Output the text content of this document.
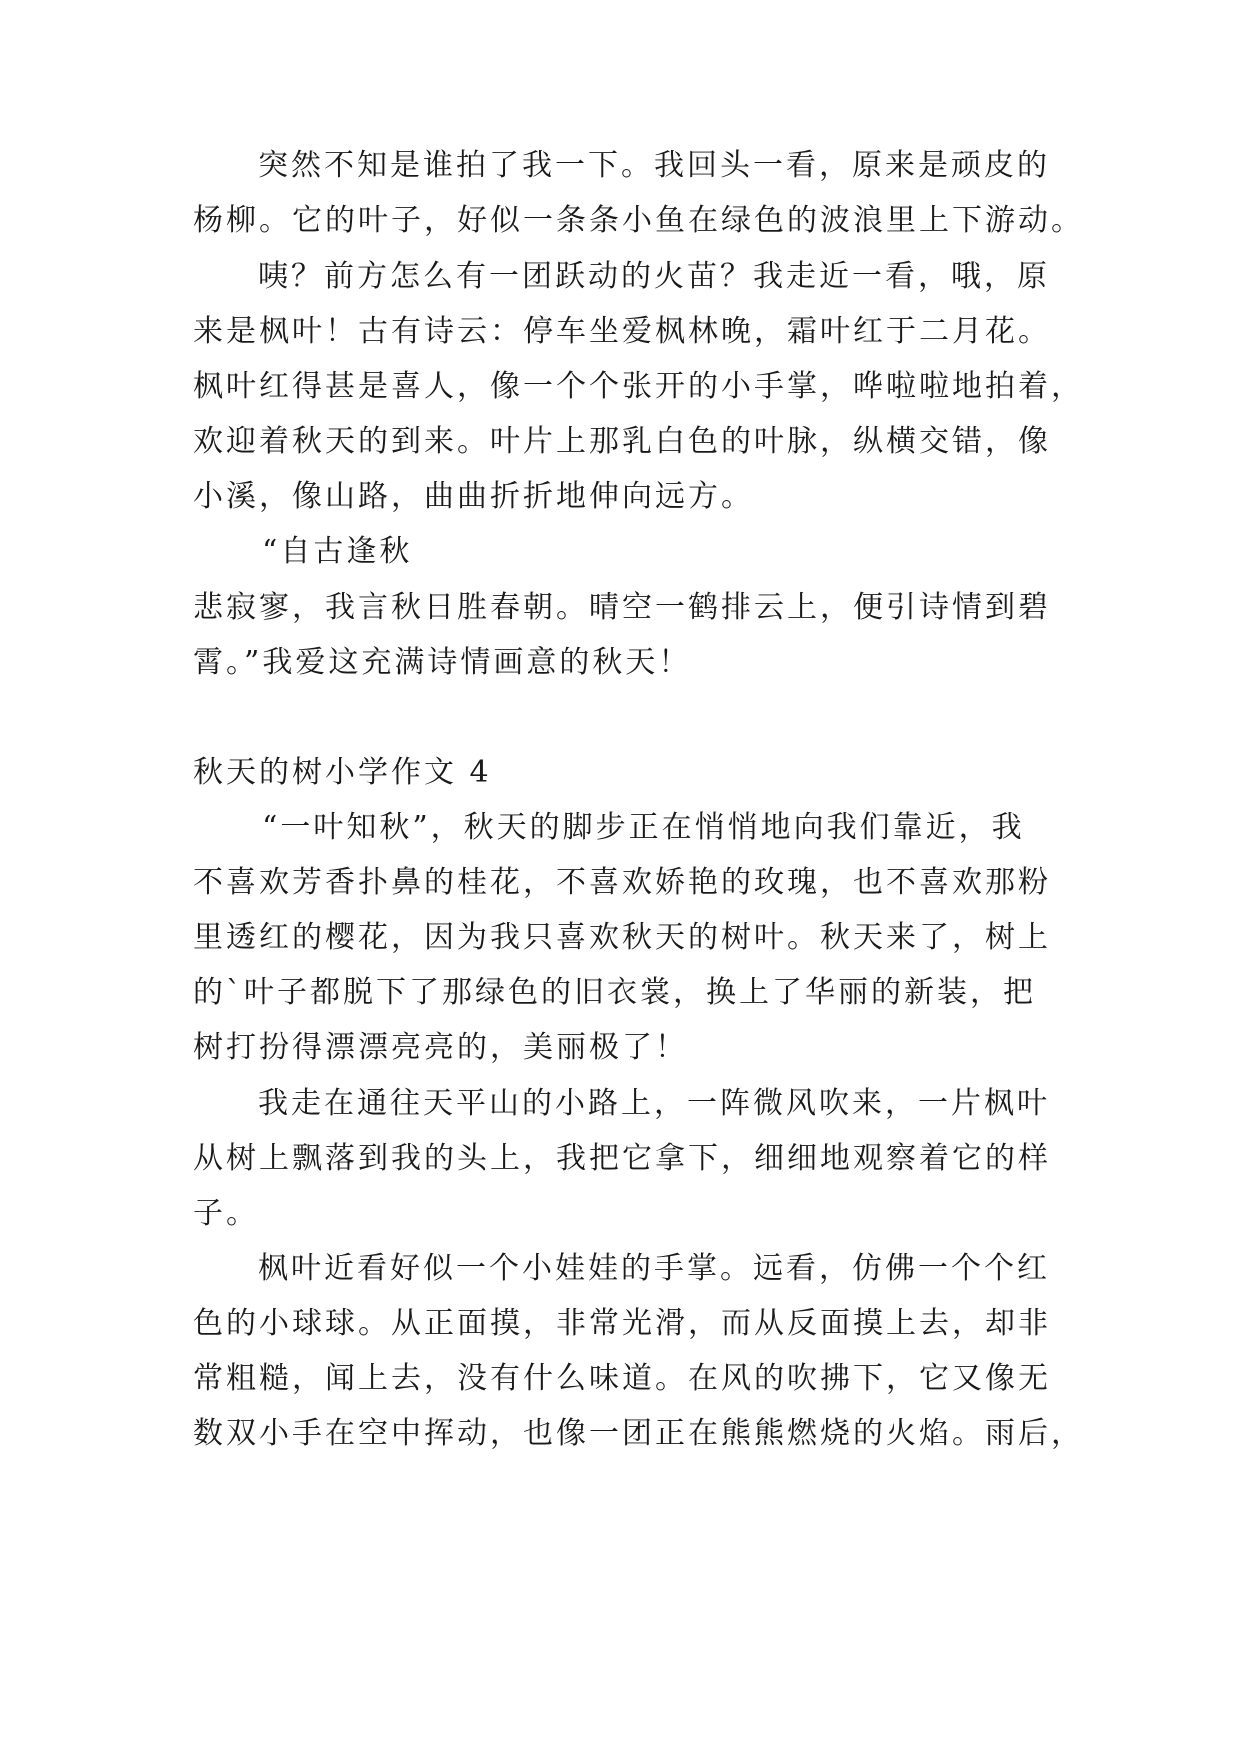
突然不知是谁拍了我一下。我回头一看，原来是顽皮的
杨柳。它的叶子，好似一条条小鱼在绿色的波浪里上下游动。
咦？前方怎么有一团跃动的火苗？我走近一看，哦，原
来是枫叶！古有诗云：停车坐爱枫林晚，霜叶红于二月花。
枫叶红得甚是喜人，像一个个张开的小手掌，哗啦啦地拍着，
欢迎着秋天的到来。叶片上那乳白色的叶脉，纵横交错，像
小溪，像山路，曲曲折折地伸向远方。
“自古逢秋
悲寂寥，我言秋日胜春朝。晴空一鹤排云上，便引诗情到碧
霄。”我爱这充满诗情画意的秋天！
秋天的树小学作文 4
“一叶知秋”，秋天的脚步正在悄悄地向我们靠近，我
不喜欢芳香扑鼻的桂花，不喜欢娇艳的玫瑰，也不喜欢那粉
里透红的樱花，因为我只喜欢秋天的树叶。秋天来了，树上
的`叶子都脱下了那绿色的旧衣裳，换上了华丽的新装，把
树打扮得漂漂亮亮的，美丽极了！
我走在通往天平山的小路上，一阵微风吹来，一片枫叶
从树上飘落到我的头上，我把它拿下，细细地观察着它的样
子。
枫叶近看好似一个小娃娃的手掌。远看，仿佛一个个红
色的小球球。从正面摸，非常光滑，而从反面摸上去，却非
常粗糙，闻上去，没有什么味道。在风的吹拂下，它又像无
数双小手在空中挥动，也像一团正在熊熊燃烧的火焰。雨后，
